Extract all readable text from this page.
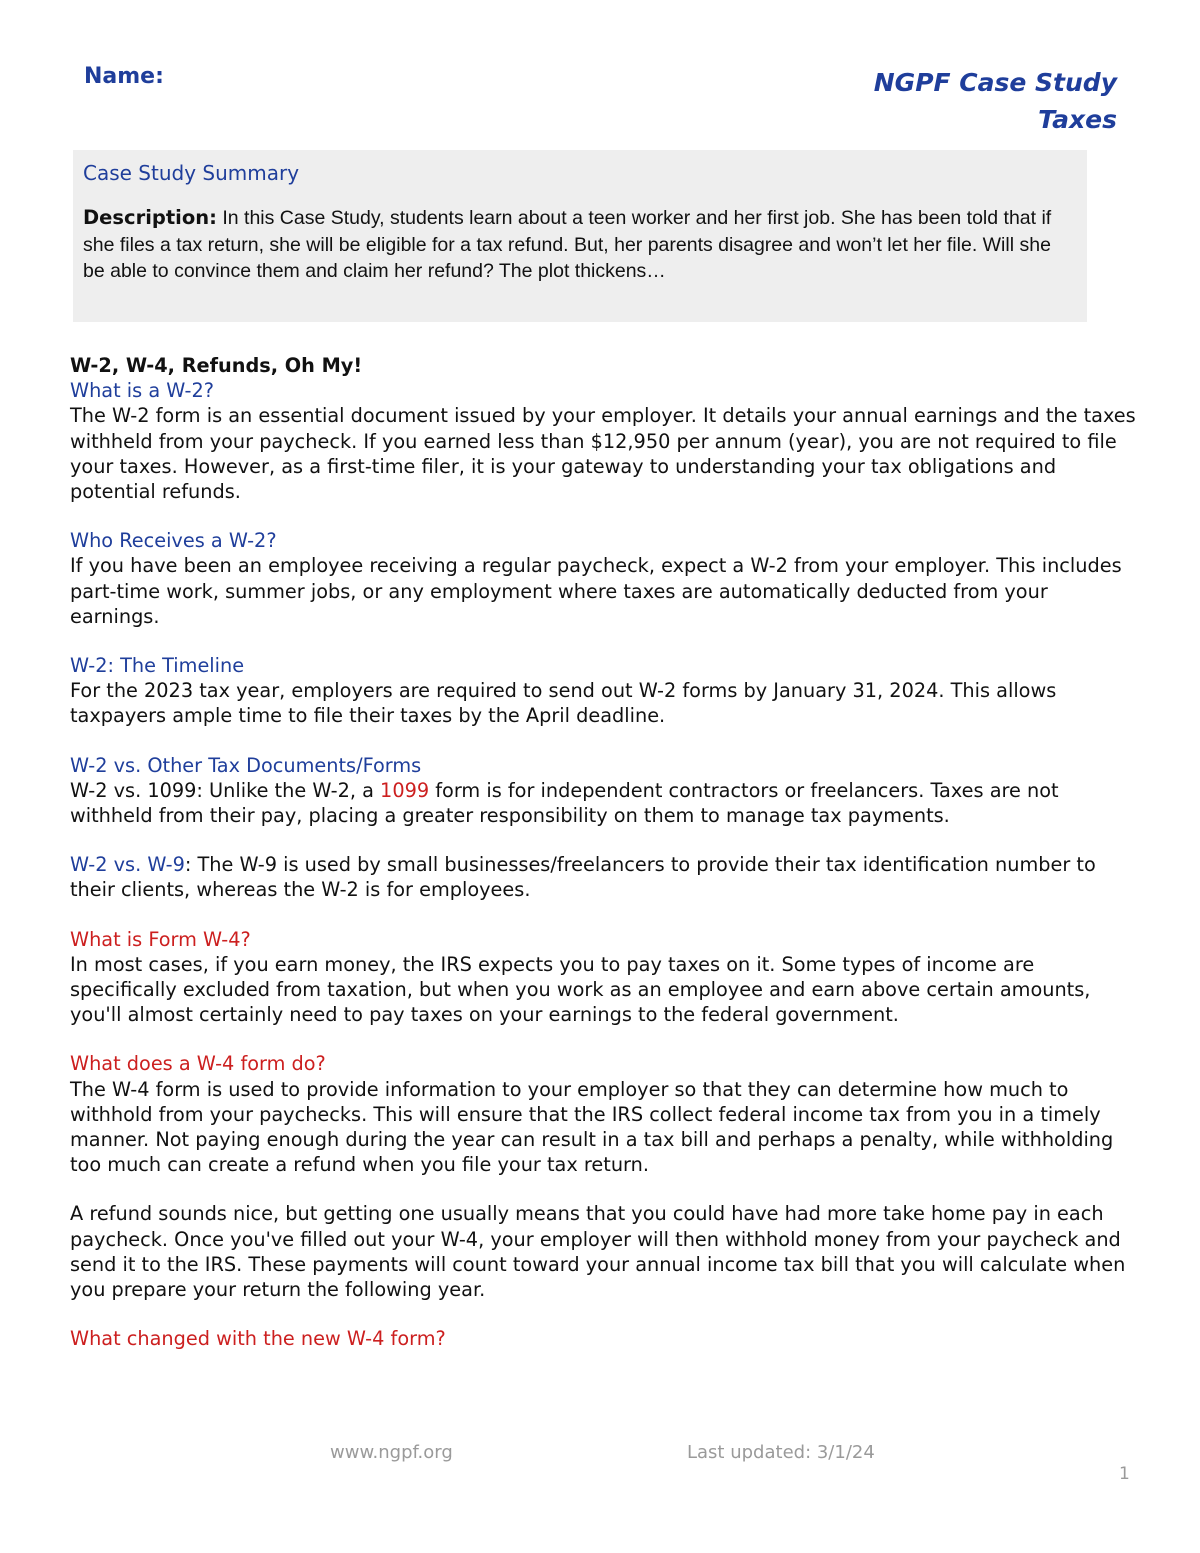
Name:	NGPF Case Study
Taxes

Case Study Summary

Description: In this Case Study, students learn about a teen worker and her first job. She has been told that if she files a tax return, she will be eligible for a tax refund. But, her parents disagree and won’t let her file. Will she be able to convince them and claim her refund? The plot thickens…

W-2, W-4, Refunds, Oh My!

What is a W-2?
The W-2 form is an essential document issued by your employer. It details your annual earnings and the taxes withheld from your paycheck. If you earned less than $12,950 per annum (year), you are not required to file your taxes. However, as a first-time filer, it is your gateway to understanding your tax obligations and potential refunds.

Who Receives a W-2?
If you have been an employee receiving a regular paycheck, expect a W-2 from your employer. This includes part-time work, summer jobs, or any employment where taxes are automatically deducted from your earnings.

W-2: The Timeline
For the 2023 tax year, employers are required to send out W-2 forms by January 31, 2024. This allows taxpayers ample time to file their taxes by the April deadline.

W-2 vs. Other Tax Documents/Forms
W-2 vs. 1099: Unlike the W-2, a 1099 form is for independent contractors or freelancers. Taxes are not withheld from their pay, placing a greater responsibility on them to manage tax payments.

W-2 vs. W-9: The W-9 is used by small businesses/freelancers to provide their tax identification number to their clients, whereas the W-2 is for employees.

What is Form W-4?
In most cases, if you earn money, the IRS expects you to pay taxes on it. Some types of income are specifically excluded from taxation, but when you work as an employee and earn above certain amounts, you'll almost certainly need to pay taxes on your earnings to the federal government.

What does a W-4 form do?
The W-4 form is used to provide information to your employer so that they can determine how much to withhold from your paychecks. This will ensure that the IRS collect federal income tax from you in a timely manner. Not paying enough during the year can result in a tax bill and perhaps a penalty, while withholding too much can create a refund when you file your tax return.

A refund sounds nice, but getting one usually means that you could have had more take home pay in each paycheck. Once you've filled out your W-4, your employer will then withhold money from your paycheck and send it to the IRS. These payments will count toward your annual income tax bill that you will calculate when you prepare your return the following year.

What changed with the new W-4 form?

www.ngpf.org	Last updated: 3/1/24
1
